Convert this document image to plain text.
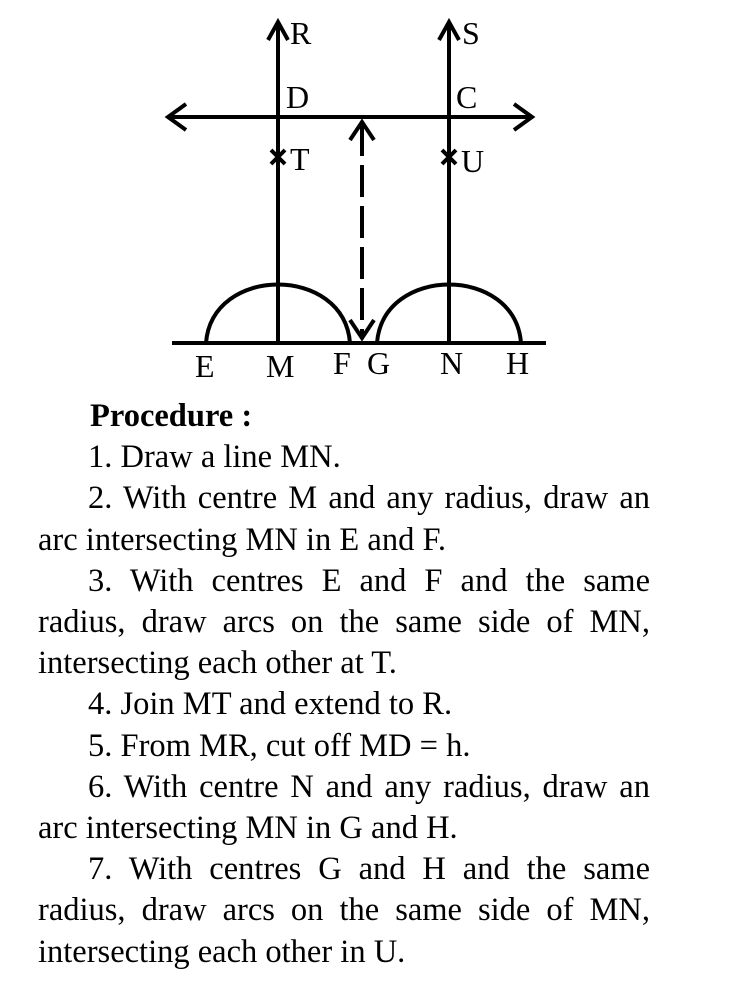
R	S
D	C
T	U
E M F G N H
Procedure :

1. Draw a line MN.

2. With centre M and any radius, draw an arc intersecting MN in E and F.

3. With centres E and F and the same radius, draw arcs on the same side of MN, intersecting each other at T.

4. Join MT and extend to R.

5. From MR, cut off MD = h.

6. With centre N and any radius, draw an arc intersecting MN in G and H.

7. With centres G and H and the same radius, draw arcs on the same side of MN, intersecting each other in U.
